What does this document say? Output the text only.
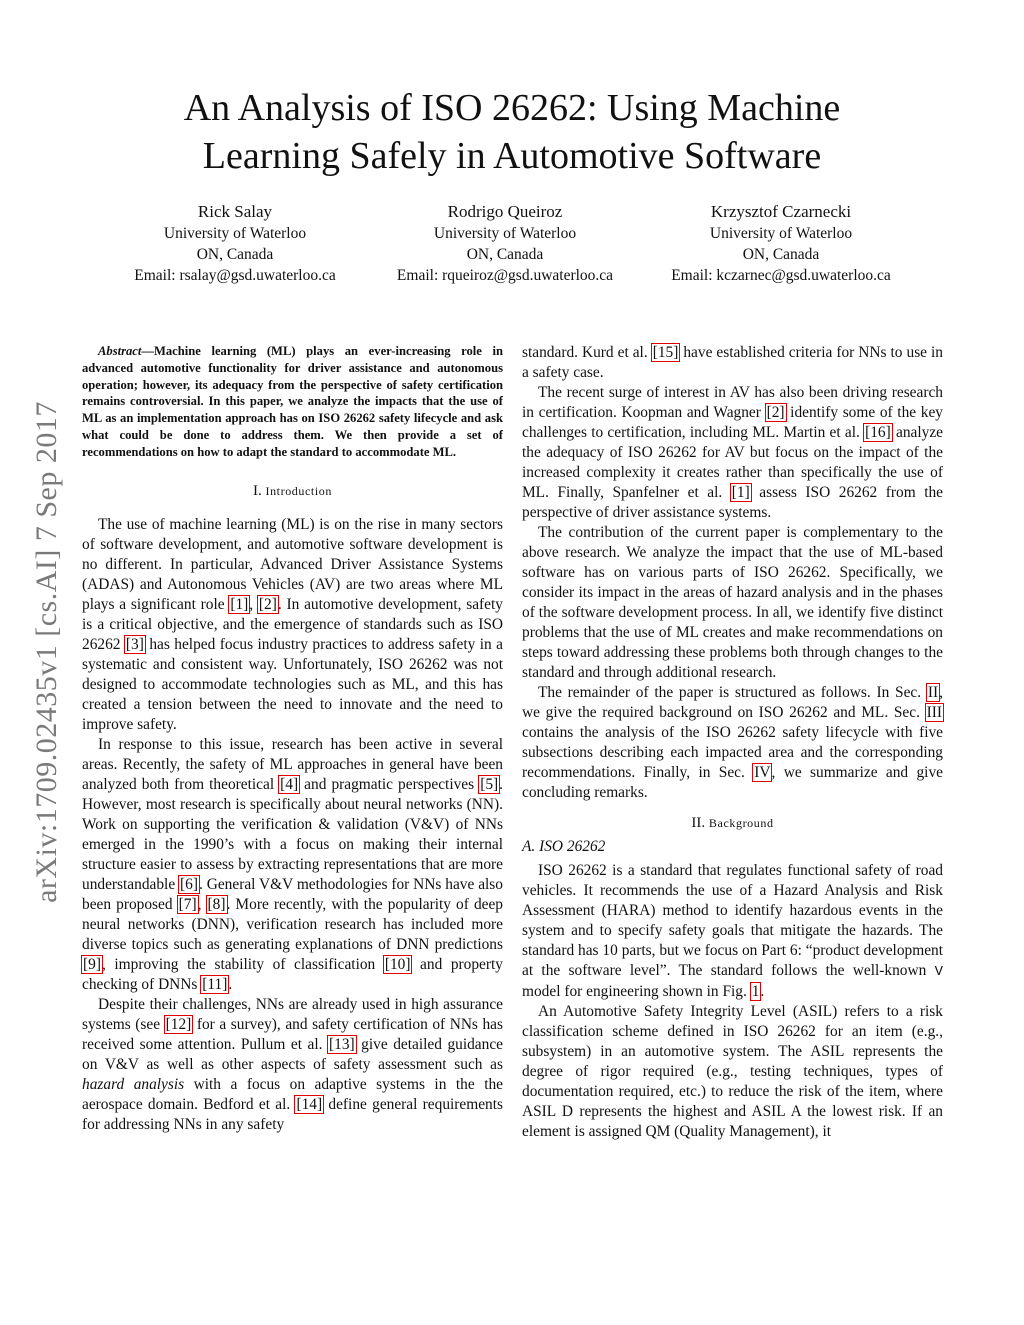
An Analysis of ISO 26262: Using Machine
Learning Safely in Automotive Software
Rick Salay
University of Waterloo
ON, Canada
Email: rsalay@gsd.uwaterloo.ca
Rodrigo Queiroz
University of Waterloo
ON, Canada
Email: rqueiroz@gsd.uwaterloo.ca
Krzysztof Czarnecki
University of Waterloo
ON, Canada
Email: kczarnec@gsd.uwaterloo.ca
arXiv:1709.02435v1 [cs.AI] 7 Sep 2017

Abstract—Machine learning (ML) plays an ever-increasing role in advanced automotive functionality for driver assistance and autonomous operation; however, its adequacy from the perspective of safety certification remains controversial. In this paper, we analyze the impacts that the use of ML as an implementation approach has on ISO 26262 safety lifecycle and ask what could be done to address them. We then provide a set of recommendations on how to adapt the standard to accommodate ML.

I. Introduction

The use of machine learning (ML) is on the rise in many sectors of software development, and automotive software development is no different. In particular, Advanced Driver Assistance Systems (ADAS) and Autonomous Vehicles (AV) are two areas where ML plays a significant role [1], [2]. In automotive development, safety is a critical objective, and the emergence of standards such as ISO 26262 [3] has helped focus industry practices to address safety in a systematic and consistent way. Unfortunately, ISO 26262 was not designed to accommodate technologies such as ML, and this has created a tension between the need to innovate and the need to improve safety.

In response to this issue, research has been active in several areas. Recently, the safety of ML approaches in general have been analyzed both from theoretical [4] and pragmatic perspectives [5]. However, most research is specifically about neural networks (NN). Work on supporting the verification & validation (V&V) of NNs emerged in the 1990’s with a focus on making their internal structure easier to assess by extracting representations that are more understandable [6]. General V&V methodologies for NNs have also been proposed [7], [8]. More recently, with the popularity of deep neural networks (DNN), verification research has included more diverse topics such as generating explanations of DNN predictions [9], improving the stability of classification [10] and property checking of DNNs [11].

Despite their challenges, NNs are already used in high assurance systems (see [12] for a survey), and safety certification of NNs has received some attention. Pullum et al. [13] give detailed guidance on V&V as well as other aspects of safety assessment such as hazard analysis with a focus on adaptive systems in the the aerospace domain. Bedford et al. [14] define general requirements for addressing NNs in any safety

standard. Kurd et al. [15] have established criteria for NNs to use in a safety case.

The recent surge of interest in AV has also been driving research in certification. Koopman and Wagner [2] identify some of the key challenges to certification, including ML. Martin et al. [16] analyze the adequacy of ISO 26262 for AV but focus on the impact of the increased complexity it creates rather than specifically the use of ML. Finally, Spanfelner et al. [1] assess ISO 26262 from the perspective of driver assistance systems.

The contribution of the current paper is complementary to the above research. We analyze the impact that the use of ML-based software has on various parts of ISO 26262. Specifically, we consider its impact in the areas of hazard analysis and in the phases of the software development process. In all, we identify five distinct problems that the use of ML creates and make recommendations on steps toward addressing these problems both through changes to the standard and through additional research.

The remainder of the paper is structured as follows. In Sec. II, we give the required background on ISO 26262 and ML. Sec. III contains the analysis of the ISO 26262 safety lifecycle with five subsections describing each impacted area and the corresponding recommendations. Finally, in Sec. IV, we summarize and give concluding remarks.

II. Background

A. ISO 26262

ISO 26262 is a standard that regulates functional safety of road vehicles. It recommends the use of a Hazard Analysis and Risk Assessment (HARA) method to identify hazardous events in the system and to specify safety goals that mitigate the hazards. The standard has 10 parts, but we focus on Part 6: “product development at the software level”. The standard follows the well-known V model for engineering shown in Fig. 1.

An Automotive Safety Integrity Level (ASIL) refers to a risk classification scheme defined in ISO 26262 for an item (e.g., subsystem) in an automotive system. The ASIL represents the degree of rigor required (e.g., testing techniques, types of documentation required, etc.) to reduce the risk of the item, where ASIL D represents the highest and ASIL A the lowest risk. If an element is assigned QM (Quality Management), it
